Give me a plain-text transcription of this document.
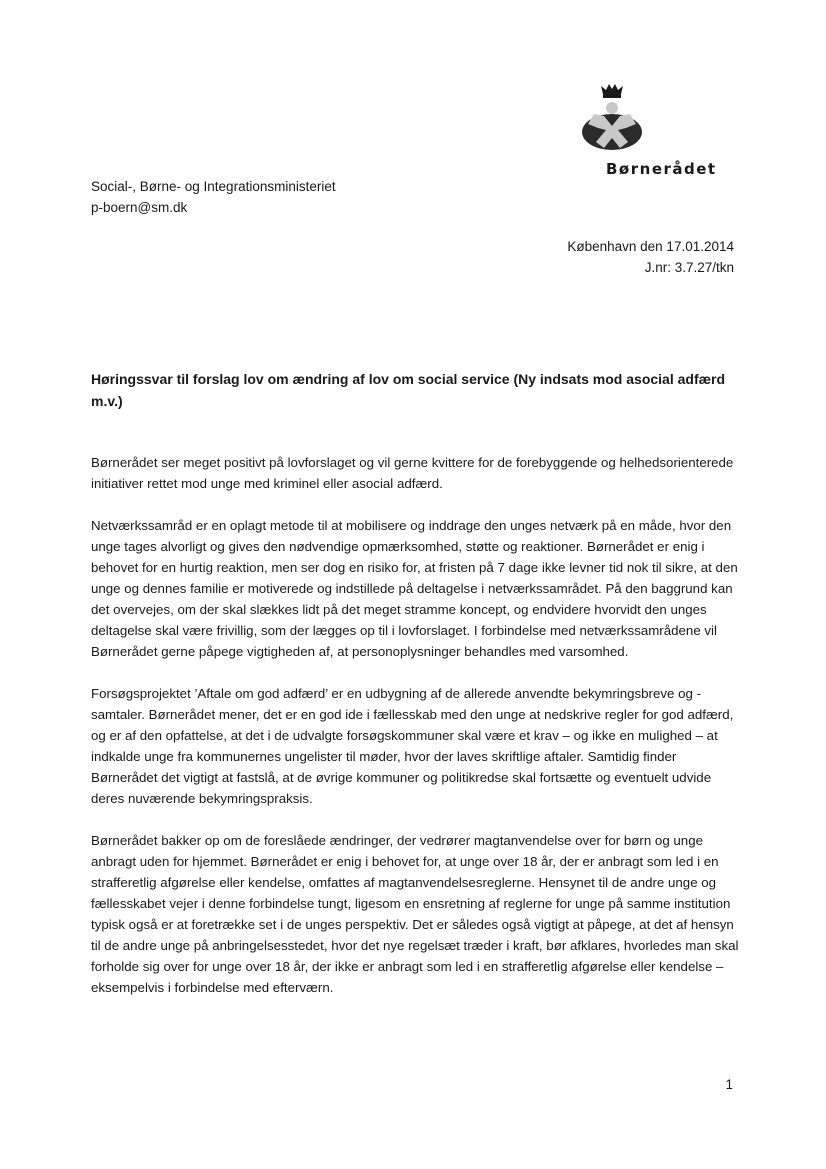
Børnerådet
Social-, Børne- og Integrationsministeriet
p-boern@sm.dk
København den 17.01.2014
J.nr: 3.7.27/tkn
Høringssvar til forslag lov om ændring af lov om social service (Ny indsats mod asocial adfærd m.v.)

Børnerådet ser meget positivt på lovforslaget og vil gerne kvittere for de forebyggende og helhedsorienterede initiativer rettet mod unge med kriminel eller asocial adfærd.

Netværkssamråd er en oplagt metode til at mobilisere og inddrage den unges netværk på en måde, hvor den unge tages alvorligt og gives den nødvendige opmærksomhed, støtte og reaktioner. Børnerådet er enig i behovet for en hurtig reaktion, men ser dog en risiko for, at fristen på 7 dage ikke levner tid nok til sikre, at den unge og dennes familie er motiverede og indstillede på deltagelse i netværkssamrådet. På den baggrund kan det overvejes, om der skal slækkes lidt på det meget stramme koncept, og endvidere hvorvidt den unges deltagelse skal være frivillig, som der lægges op til i lovforslaget. I forbindelse med netværkssamrådene vil Børnerådet gerne påpege vigtigheden af, at personoplysninger behandles med varsomhed.

Forsøgsprojektet ’Aftale om god adfærd’ er en udbygning af de allerede anvendte bekymringsbreve og -samtaler. Børnerådet mener, det er en god ide i fællesskab med den unge at nedskrive regler for god adfærd, og er af den opfattelse, at det i de udvalgte forsøgskommuner skal være et krav – og ikke en mulighed – at indkalde unge fra kommunernes ungelister til møder, hvor der laves skriftlige aftaler. Samtidig finder Børnerådet det vigtigt at fastslå, at de øvrige kommuner og politikredse skal fortsætte og eventuelt udvide deres nuværende bekymringspraksis.

Børnerådet bakker op om de foreslåede ændringer, der vedrører magtanvendelse over for børn og unge anbragt uden for hjemmet. Børnerådet er enig i behovet for, at unge over 18 år, der er anbragt som led i en strafferetlig afgørelse eller kendelse, omfattes af magtanvendelsesreglerne. Hensynet til de andre unge og fællesskabet vejer i denne forbindelse tungt, ligesom en ensretning af reglerne for unge på samme institution typisk også er at foretrække set i de unges perspektiv. Det er således også vigtigt at påpege, at det af hensyn til de andre unge på anbringelsesstedet, hvor det nye regelsæt træder i kraft, bør afklares, hvorledes man skal forholde sig over for unge over 18 år, der ikke er anbragt som led i en strafferetlig afgørelse eller kendelse – eksempelvis i forbindelse med efterværn.

1
